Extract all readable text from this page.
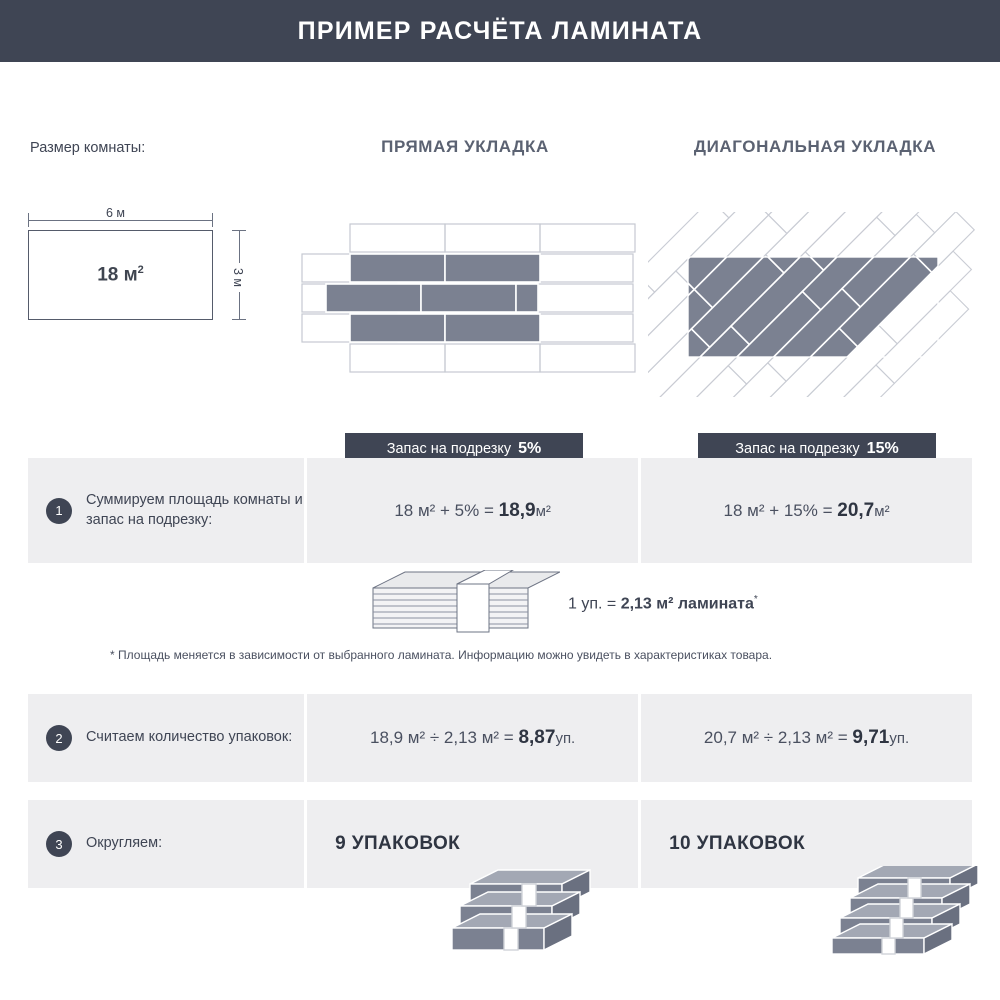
ПРИМЕР РАСЧЁТА ЛАМИНАТА
Размер комнаты:	ПРЯМАЯ УКЛАДКА	ДИАГОНАЛЬНАЯ УКЛАДКА
6 м
18 $м^2$	3 м
Запас на подрезку 5%	Запас на подрезку 15%
1
Суммируем площадь комнаты и запас на подрезку:	18 м² + 5% = 18,9м²	18 м² + 15% = 20,7м²
1 уп. = 2,13 м² ламината*
* Площадь меняется в зависимости от выбранного ламината. Информацию можно увидеть в характеристиках товара.
2	Считаем количество упаковок:	18,9 м² ÷ 2,13 м² = 8,87уп.	20,7 м² ÷ 2,13 м² = 9,71уп.
3	Округляем:	9 УПАКОВОК	10 УПАКОВОК
